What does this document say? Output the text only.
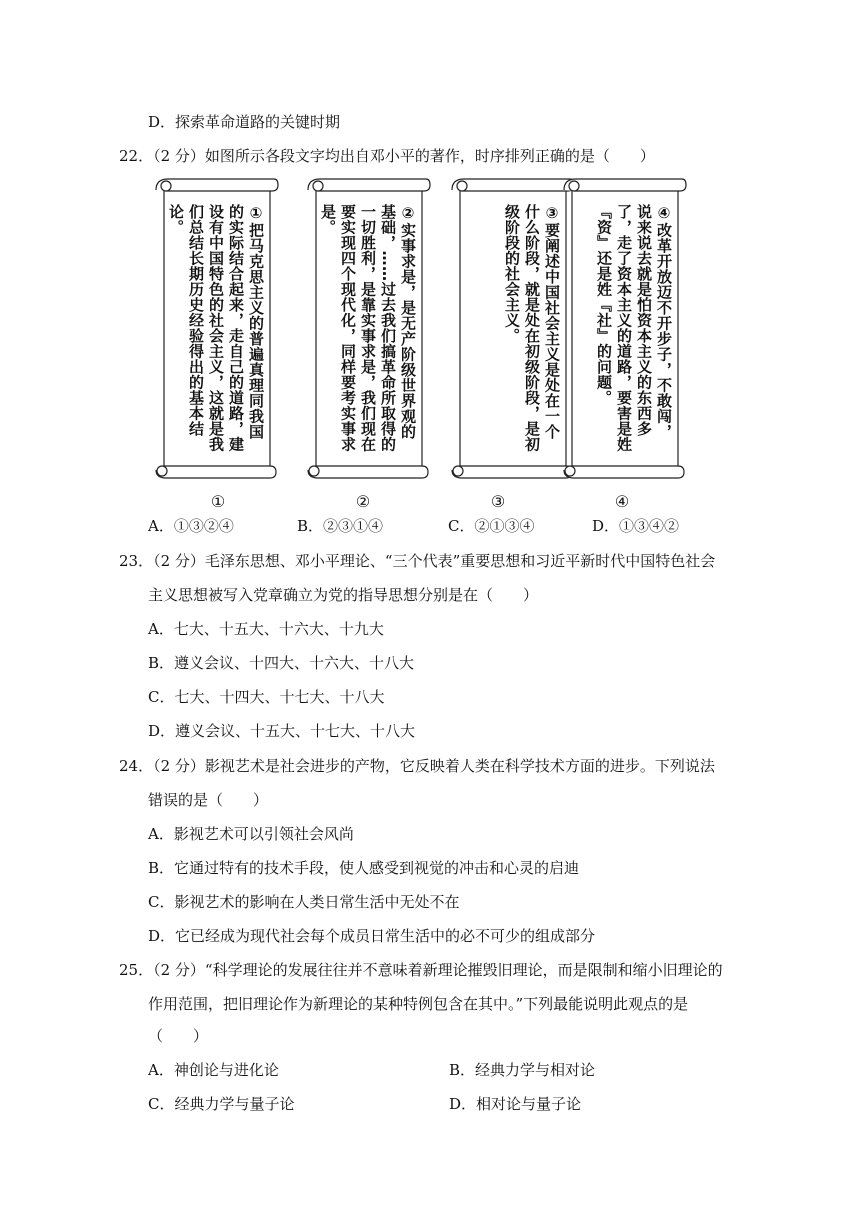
D．探索革命道路的关键时期
22．（2 分）如图所示各段文字均出自邓小平的著作，时序排列正确的是（　　）
①把马克思主义的普遍真理同我国的实际结合起来，走自己的道路，建设有中国特色的社会主义，这就是我们总结长期历史经验得出的基本结论。	②实事求是，是无产阶级世界观的基础，……过去我们搞革命所取得的一切胜利，是靠实事求是，我们现在要实现四个现代化，同样要考实事求是。	③要阐述中国社会主义是处在一个什么阶段，就是处在初级阶段，是初级阶段的社会主义。	④改革开放迈不开步子，不敢闯，说来说去就是怕资本主义的东西多了，走了资本主义的道路，要害是姓『资』还是姓『社』的问题。
①	②	③	④
A．①③②④	B．②③①④	C．②①③④	D．①③④②
23．（2 分）毛泽东思想、邓小平理论、“三个代表”重要思想和习近平新时代中国特色社会
主义思想被写入党章确立为党的指导思想分别是在（　　）
A．七大、十五大、十六大、十九大
B．遵义会议、十四大、十六大、十八大
C．七大、十四大、十七大、十八大
D．遵义会议、十五大、十七大、十八大
24．（2 分）影视艺术是社会进步的产物，它反映着人类在科学技术方面的进步。下列说法
错误的是（　　）
A．影视艺术可以引领社会风尚
B．它通过特有的技术手段，使人感受到视觉的冲击和心灵的启迪
C．影视艺术的影响在人类日常生活中无处不在
D．它已经成为现代社会每个成员日常生活中的必不可少的组成部分
25．（2 分）“科学理论的发展往往并不意味着新理论摧毁旧理论，而是限制和缩小旧理论的
作用范围，把旧理论作为新理论的某种特例包含在其中。”下列最能说明此观点的是
（　　）
A．神创论与进化论	B．经典力学与相对论
C．经典力学与量子论	D．相对论与量子论
